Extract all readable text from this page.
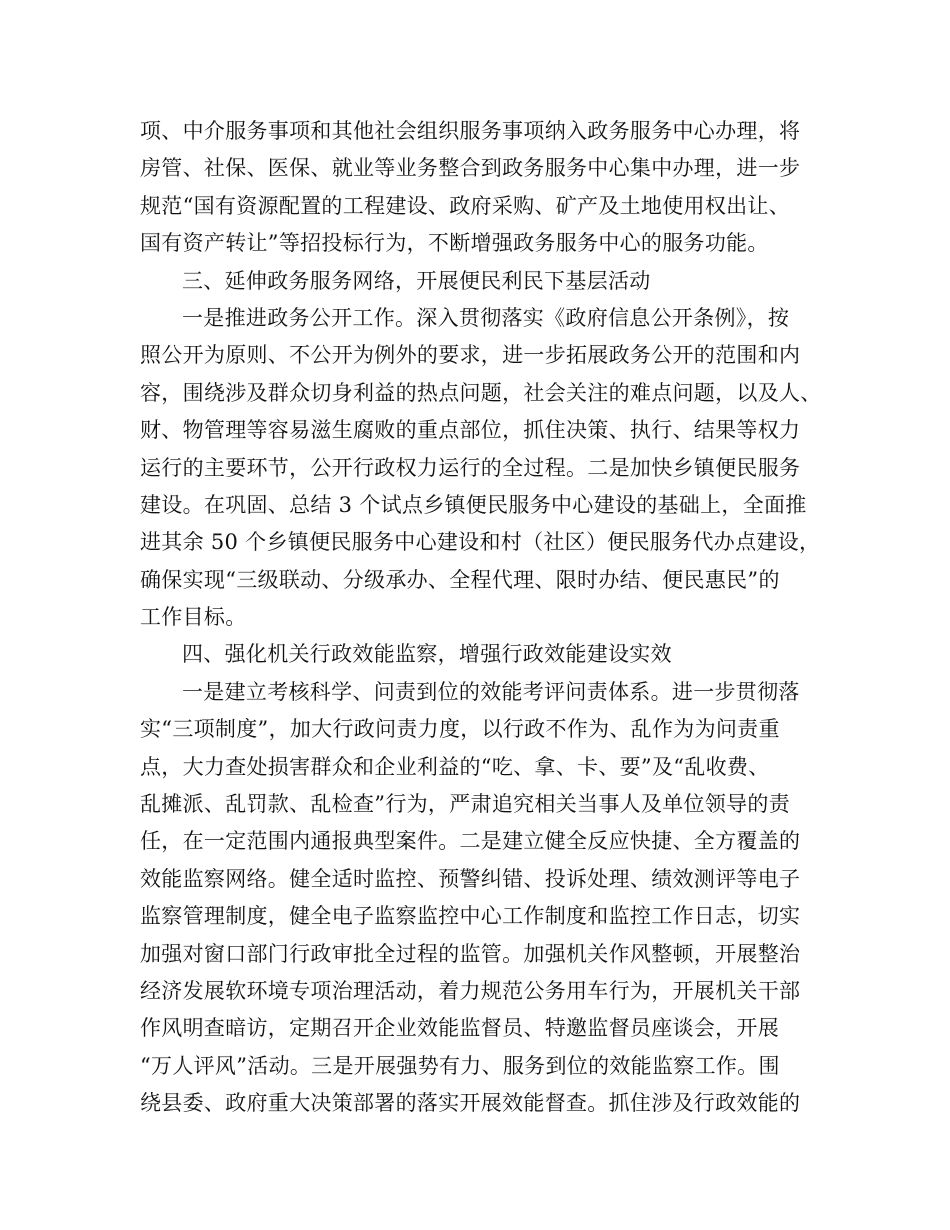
项、中介服务事项和其他社会组织服务事项纳入政务服务中心办理，将
房管、社保、医保、就业等业务整合到政务服务中心集中办理，进一步
规范“国有资源配置的工程建设、政府采购、矿产及土地使用权出让、
国有资产转让”等招投标行为，不断增强政务服务中心的服务功能。
三、延伸政务服务网络，开展便民利民下基层活动
一是推进政务公开工作。深入贯彻落实《政府信息公开条例》，按
照公开为原则、不公开为例外的要求，进一步拓展政务公开的范围和内
容，围绕涉及群众切身利益的热点问题，社会关注的难点问题，以及人、
财、物管理等容易滋生腐败的重点部位，抓住决策、执行、结果等权力
运行的主要环节，公开行政权力运行的全过程。二是加快乡镇便民服务
建设。在巩固、总结 3 个试点乡镇便民服务中心建设的基础上，全面推
进其余 50 个乡镇便民服务中心建设和村（社区）便民服务代办点建设，
确保实现“三级联动、分级承办、全程代理、限时办结、便民惠民”的
工作目标。
四、强化机关行政效能监察，增强行政效能建设实效
一是建立考核科学、问责到位的效能考评问责体系。进一步贯彻落
实“三项制度”，加大行政问责力度，以行政不作为、乱作为为问责重
点，大力查处损害群众和企业利益的“吃、拿、卡、要”及“乱收费、
乱摊派、乱罚款、乱检查”行为，严肃追究相关当事人及单位领导的责
任，在一定范围内通报典型案件。二是建立健全反应快捷、全方覆盖的
效能监察网络。健全适时监控、预警纠错、投诉处理、绩效测评等电子
监察管理制度，健全电子监察监控中心工作制度和监控工作日志，切实
加强对窗口部门行政审批全过程的监管。加强机关作风整顿，开展整治
经济发展软环境专项治理活动，着力规范公务用车行为，开展机关干部
作风明查暗访，定期召开企业效能监督员、特邀监督员座谈会，开展
“万人评风”活动。三是开展强势有力、服务到位的效能监察工作。围
绕县委、政府重大决策部署的落实开展效能督查。抓住涉及行政效能的
